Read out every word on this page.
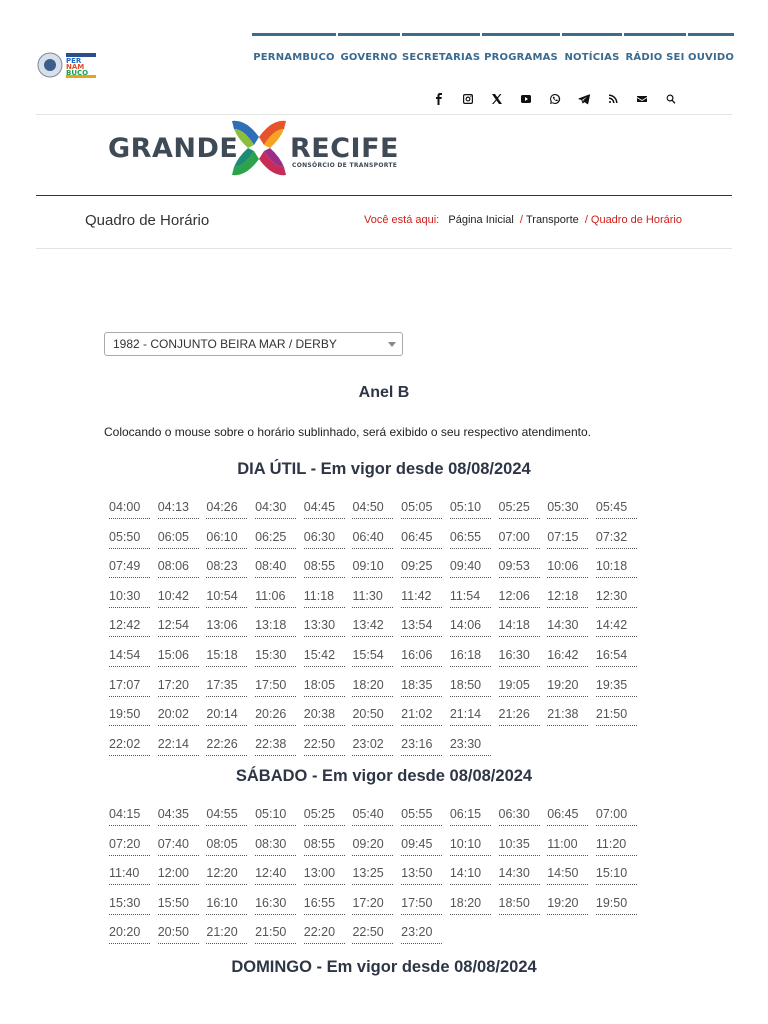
PER
NAM
BUCO
PERNAMBUCO GOVERNO SECRETARIAS PROGRAMAS NOTÍCIAS RÁDIO SEI OUVIDO
GRANDE RECIFE
CONSÓRCIO DE TRANSPORTE
Quadro de Horário	Você está aqui: Página Inicial / Transporte / Quadro de Horário
1982 - CONJUNTO BEIRA MAR / DERBY
Anel B
Colocando o mouse sobre o horário sublinhado, será exibido o seu respectivo atendimento.
DIA ÚTIL - Em vigor desde 08/08/2024
04:00	04:13	04:26	04:30	04:45	04:50	05:05	05:10	05:25	05:30	05:45
05:50	06:05	06:10	06:25	06:30	06:40	06:45	06:55	07:00	07:15	07:32
07:49	08:06	08:23	08:40	08:55	09:10	09:25	09:40	09:53	10:06	10:18
10:30	10:42	10:54	11:06	11:18	11:30	11:42	11:54	12:06	12:18	12:30
12:42	12:54	13:06	13:18	13:30	13:42	13:54	14:06	14:18	14:30	14:42
14:54	15:06	15:18	15:30	15:42	15:54	16:06	16:18	16:30	16:42	16:54
17:07	17:20	17:35	17:50	18:05	18:20	18:35	18:50	19:05	19:20	19:35
19:50	20:02	20:14	20:26	20:38	20:50	21:02	21:14	21:26	21:38	21:50
22:02	22:14	22:26	22:38	22:50	23:02	23:16	23:30
SÁBADO - Em vigor desde 08/08/2024
04:15	04:35	04:55	05:10	05:25	05:40	05:55	06:15	06:30	06:45	07:00
07:20	07:40	08:05	08:30	08:55	09:20	09:45	10:10	10:35	11:00	11:20
11:40	12:00	12:20	12:40	13:00	13:25	13:50	14:10	14:30	14:50	15:10
15:30	15:50	16:10	16:30	16:55	17:20	17:50	18:20	18:50	19:20	19:50
20:20	20:50	21:20	21:50	22:20	22:50	23:20
DOMINGO - Em vigor desde 08/08/2024
